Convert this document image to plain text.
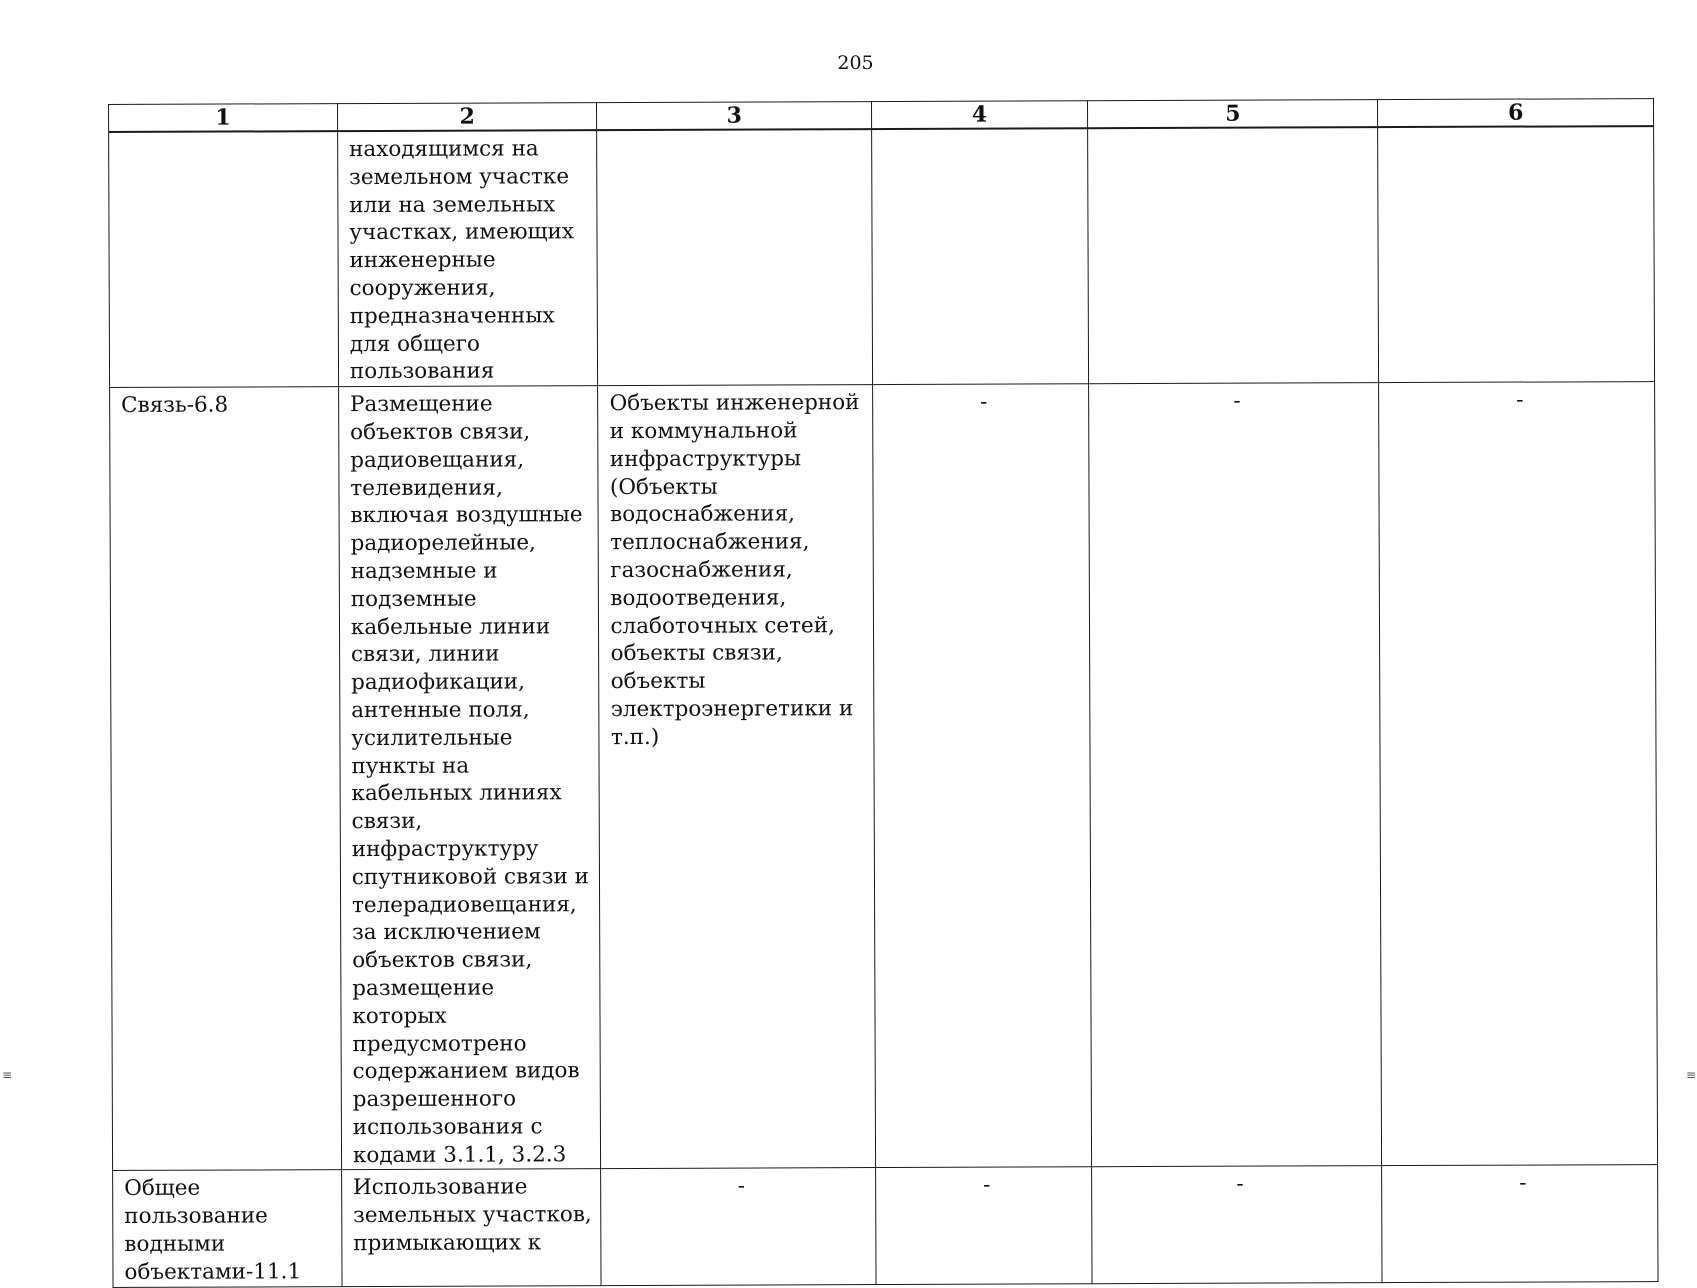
205
1	2	3	4	5	6
	находящимся на земельном участке или на земельных участках, имеющих инженерные сооружения, предназначенных для общего пользования				
Связь-6.8	Размещение объектов связи, радиовещания, телевидения, включая воздушные радиорелейные, надземные и подземные кабельные линии связи, линии радиофикации, антенные поля, усилительные пункты на кабельных линиях связи, инфраструктуру спутниковой связи и телерадиовещания, за исключением объектов связи, размещение которых предусмотрено содержанием видов разрешенного использования с кодами 3.1.1, 3.2.3	Объекты инженерной и коммунальной инфраструктуры (Объекты водоснабжения, теплоснабжения, газоснабжения, водоотведения, слаботочных сетей, объекты связи, объекты электроэнергетики и т.п.)	-	-	-
Общее пользование водными объектами-11.1	Использование земельных участков, примыкающих к	-	-	-	-
≡	≡
